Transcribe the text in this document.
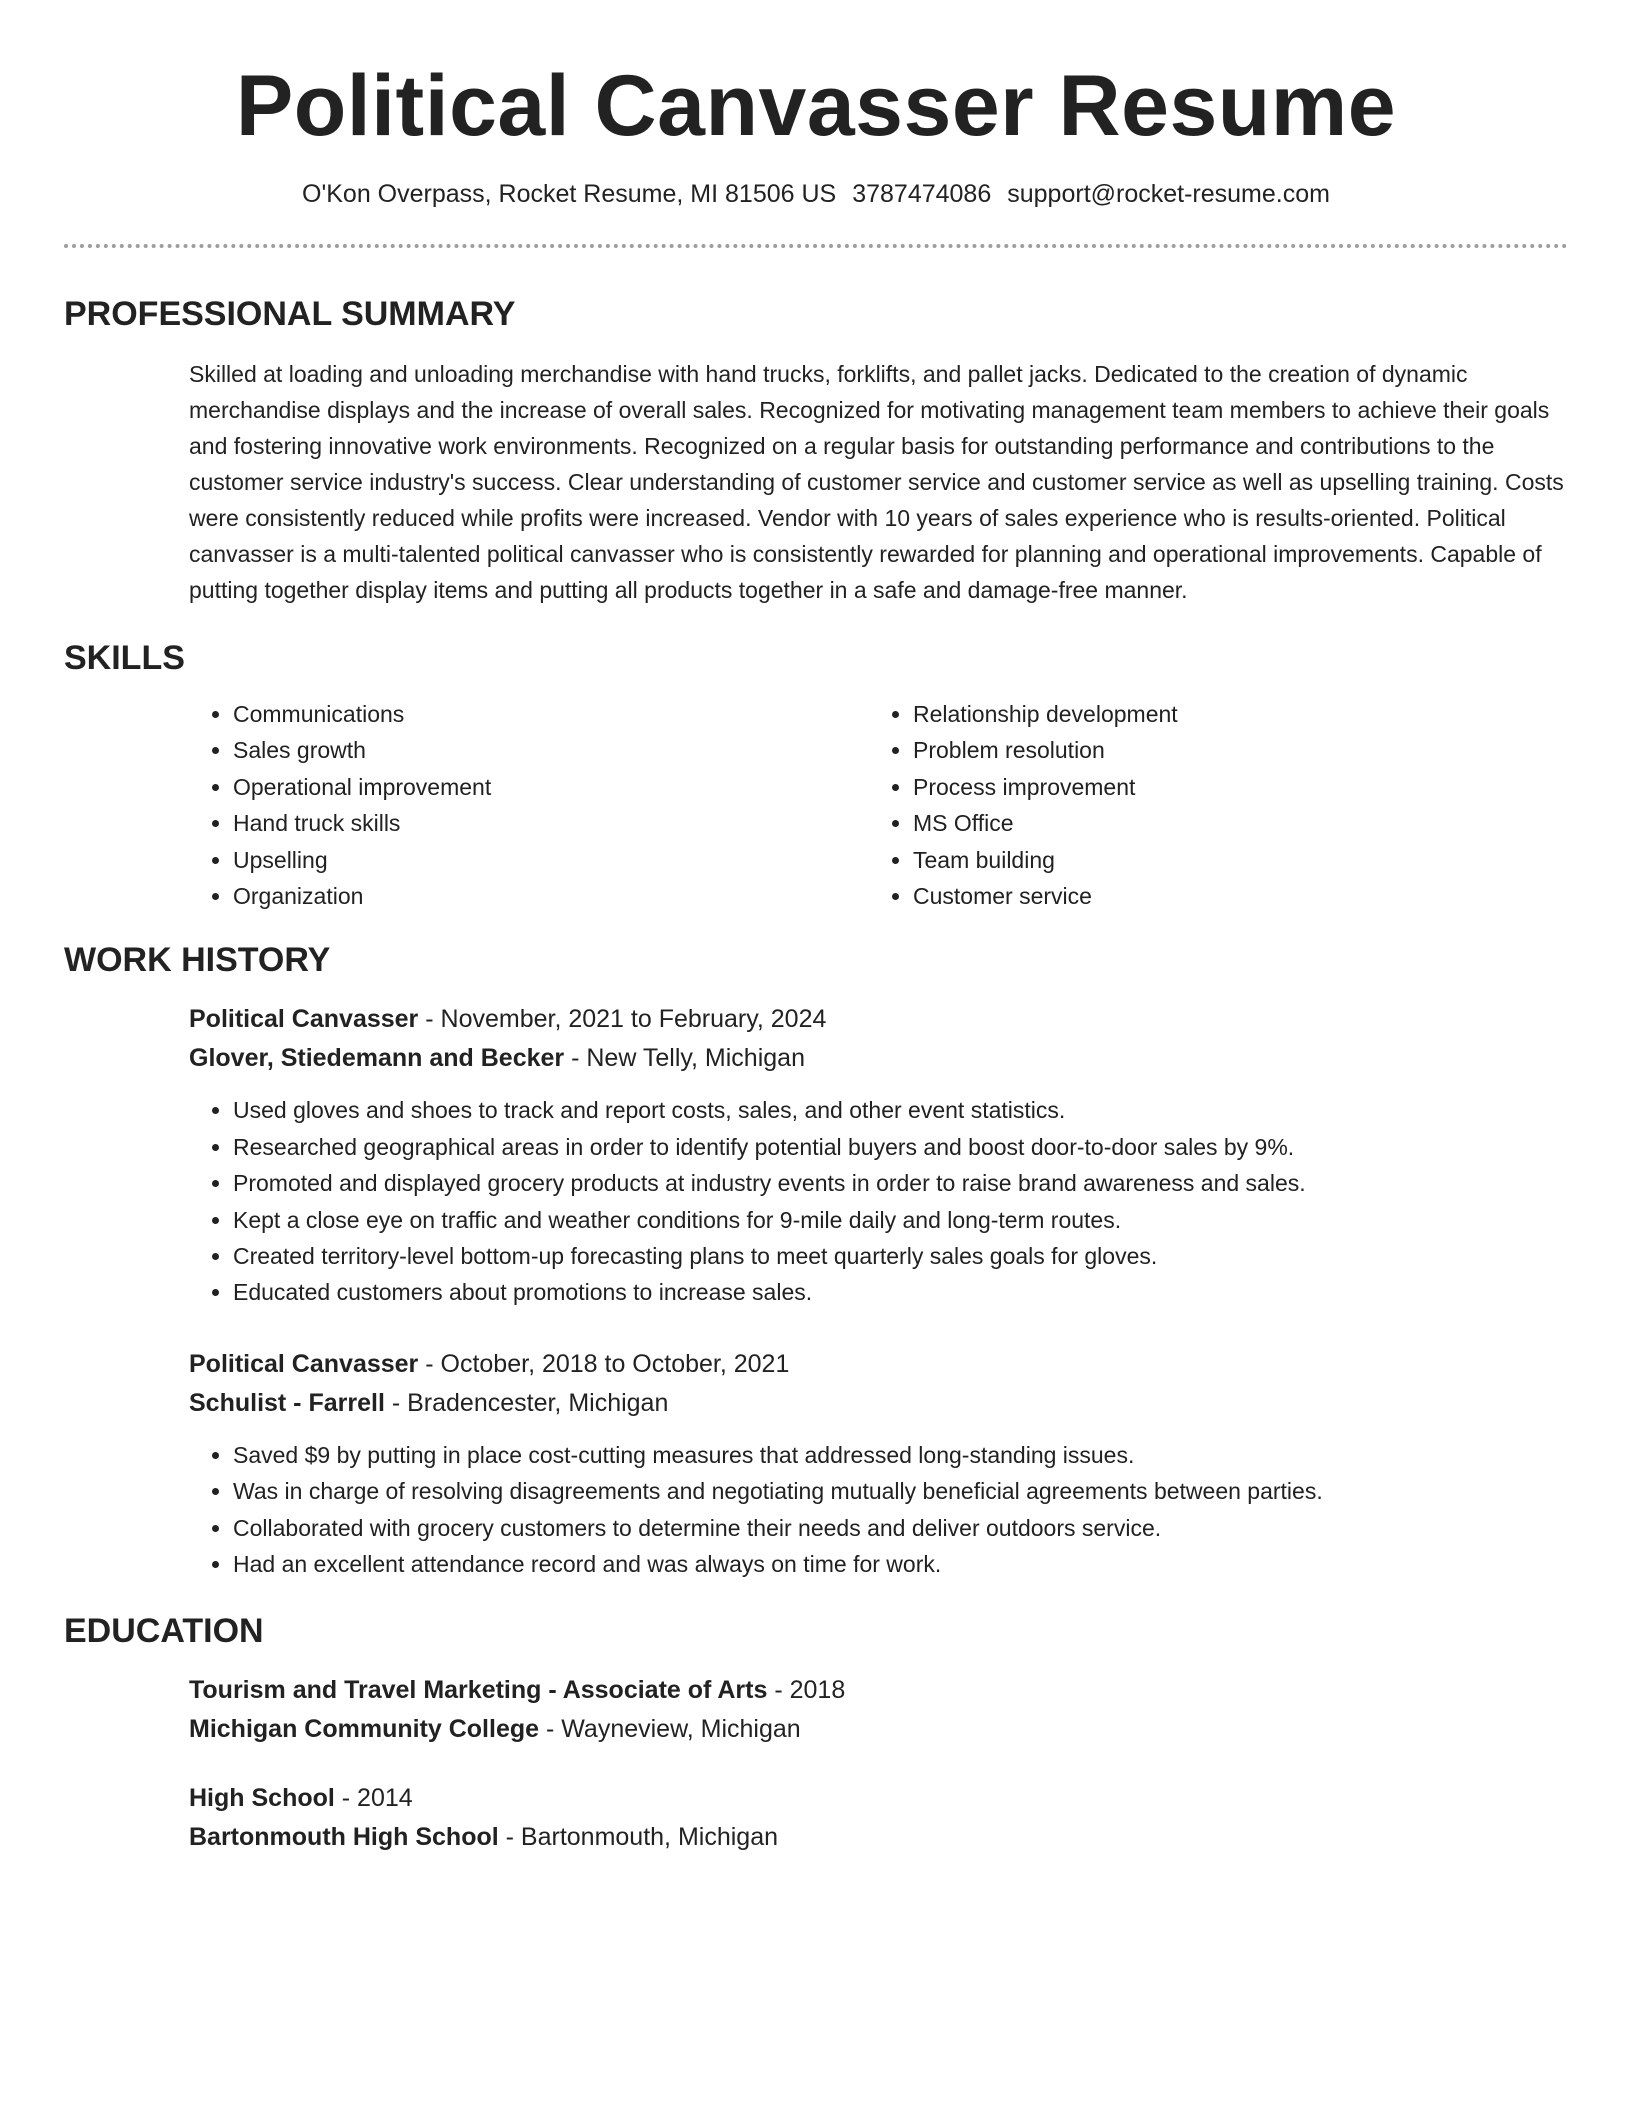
Political Canvasser Resume
O'Kon Overpass, Rocket Resume, MI 81506 US 3787474086 support@rocket-resume.com
PROFESSIONAL SUMMARY

Skilled at loading and unloading merchandise with hand trucks, forklifts, and pallet jacks. Dedicated to the creation of dynamic merchandise displays and the increase of overall sales. Recognized for motivating management team members to achieve their goals and fostering innovative work environments. Recognized on a regular basis for outstanding performance and contributions to the customer service industry's success. Clear understanding of customer service and customer service as well as upselling training. Costs were consistently reduced while profits were increased. Vendor with 10 years of sales experience who is results-oriented. Political canvasser is a multi-talented political canvasser who is consistently rewarded for planning and operational improvements. Capable of putting together display items and putting all products together in a safe and damage-free manner.

SKILLS
• Communications
• Sales growth
• Operational improvement
• Hand truck skills
• Upselling
• Organization
• Relationship development
• Problem resolution
• Process improvement
• MS Office
• Team building
• Customer service
WORK HISTORY
Political Canvasser - November, 2021 to February, 2024
Glover, Stiedemann and Becker - New Telly, Michigan
• Used gloves and shoes to track and report costs, sales, and other event statistics.
• Researched geographical areas in order to identify potential buyers and boost door-to-door sales by 9%.
• Promoted and displayed grocery products at industry events in order to raise brand awareness and sales.
• Kept a close eye on traffic and weather conditions for 9-mile daily and long-term routes.
• Created territory-level bottom-up forecasting plans to meet quarterly sales goals for gloves.
• Educated customers about promotions to increase sales.
Political Canvasser - October, 2018 to October, 2021
Schulist - Farrell - Bradencester, Michigan
• Saved $9 by putting in place cost-cutting measures that addressed long-standing issues.
• Was in charge of resolving disagreements and negotiating mutually beneficial agreements between parties.
• Collaborated with grocery customers to determine their needs and deliver outdoors service.
• Had an excellent attendance record and was always on time for work.
EDUCATION
Tourism and Travel Marketing - Associate of Arts - 2018
Michigan Community College - Wayneview, Michigan
High School - 2014
Bartonmouth High School - Bartonmouth, Michigan
